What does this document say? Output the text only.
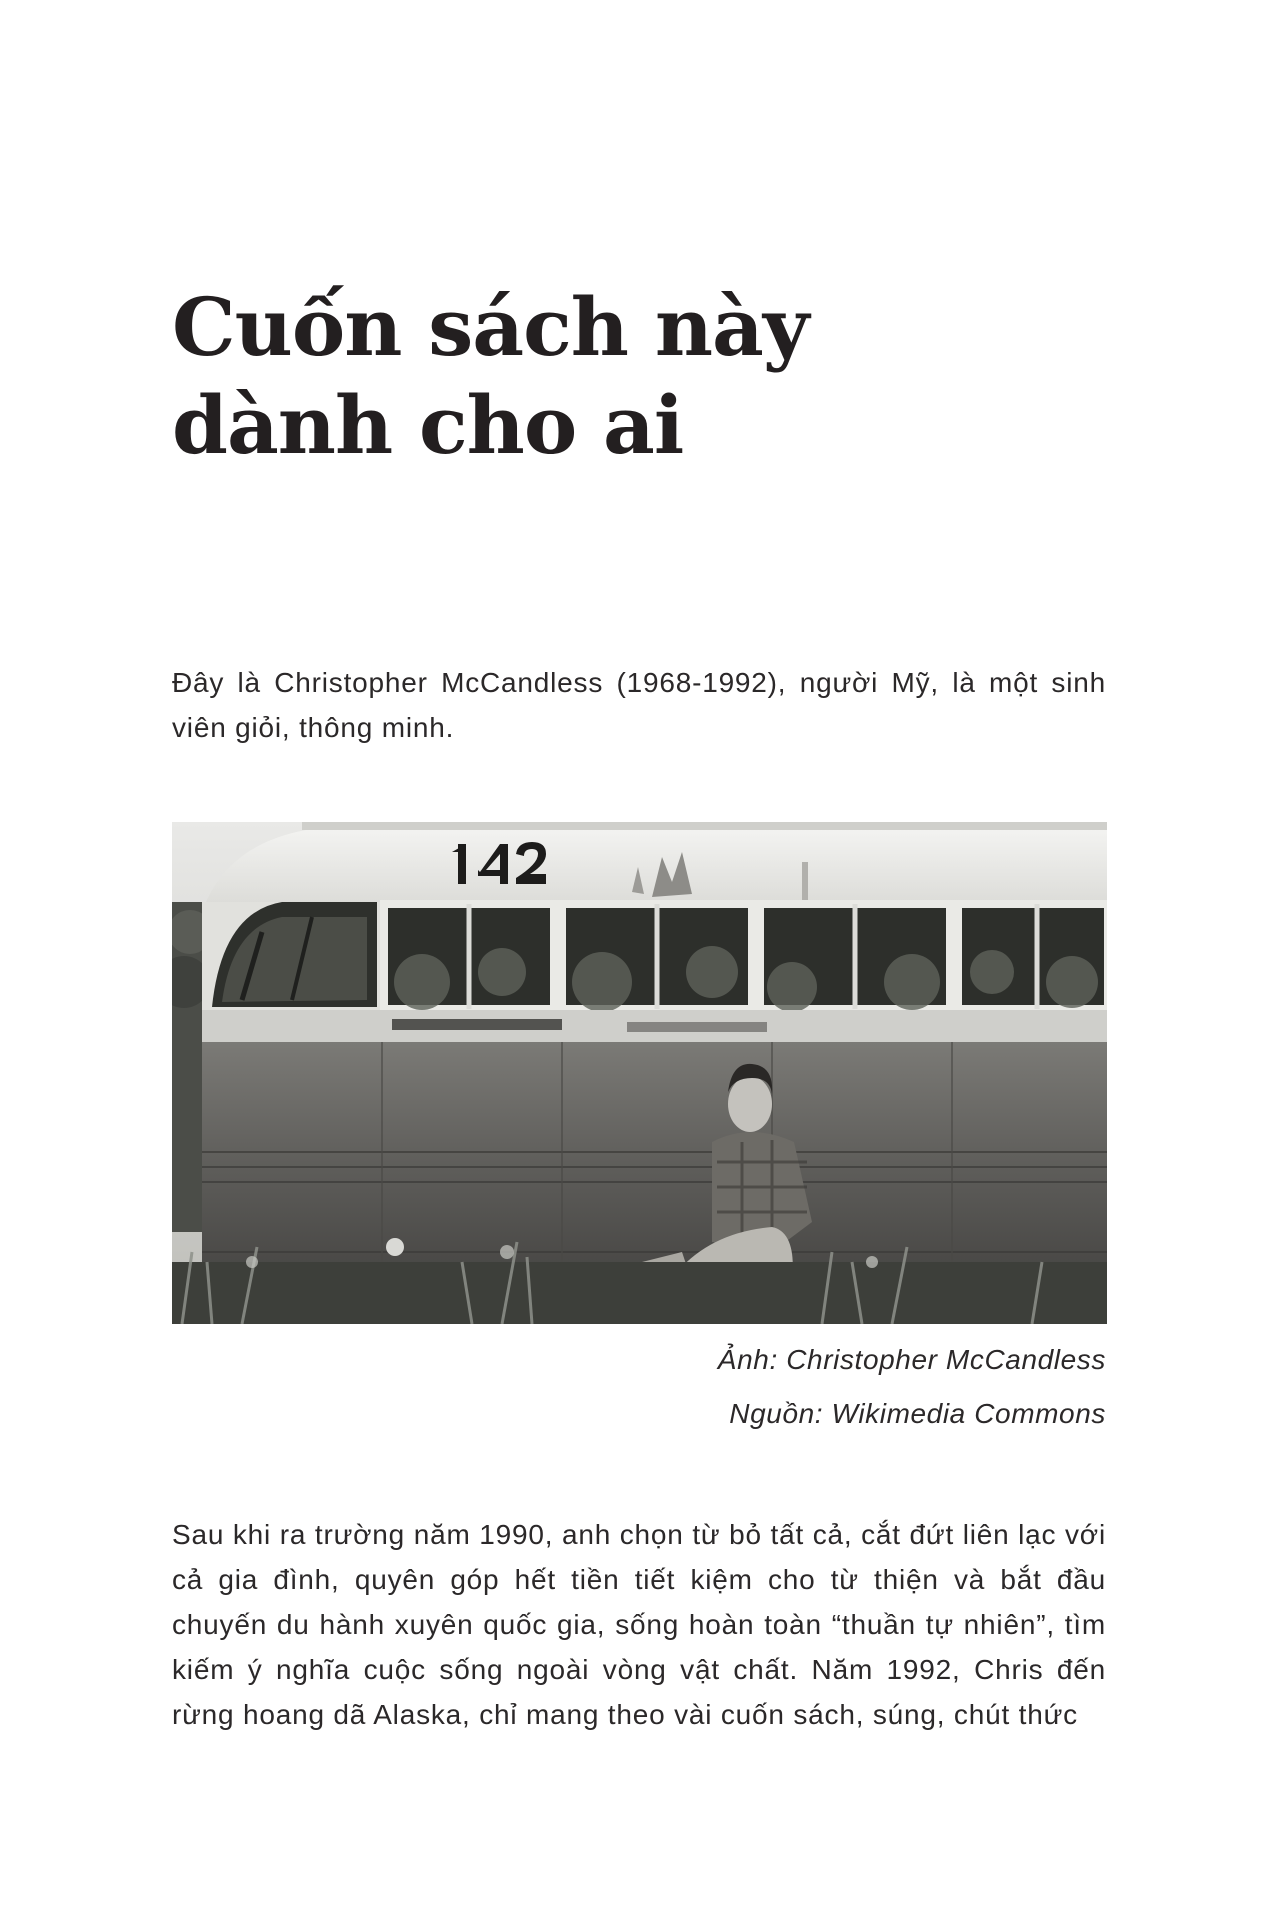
Cuốn sách này
dành cho ai

Đây là Christopher McCandless (1968-1992), người Mỹ, là một sinh viên giỏi, thông minh.

Ảnh: Christopher McCandless

Nguồn: Wikimedia Commons

Sau khi ra trường năm 1990, anh chọn từ bỏ tất cả, cắt đứt liên lạc với cả gia đình, quyên góp hết tiền tiết kiệm cho từ thiện và bắt đầu chuyến du hành xuyên quốc gia, sống hoàn toàn “thuần tự nhiên”, tìm kiếm ý nghĩa cuộc sống ngoài vòng vật chất. Năm 1992, Chris đến rừng hoang dã Alaska, chỉ mang theo vài cuốn sách, súng, chút thức
